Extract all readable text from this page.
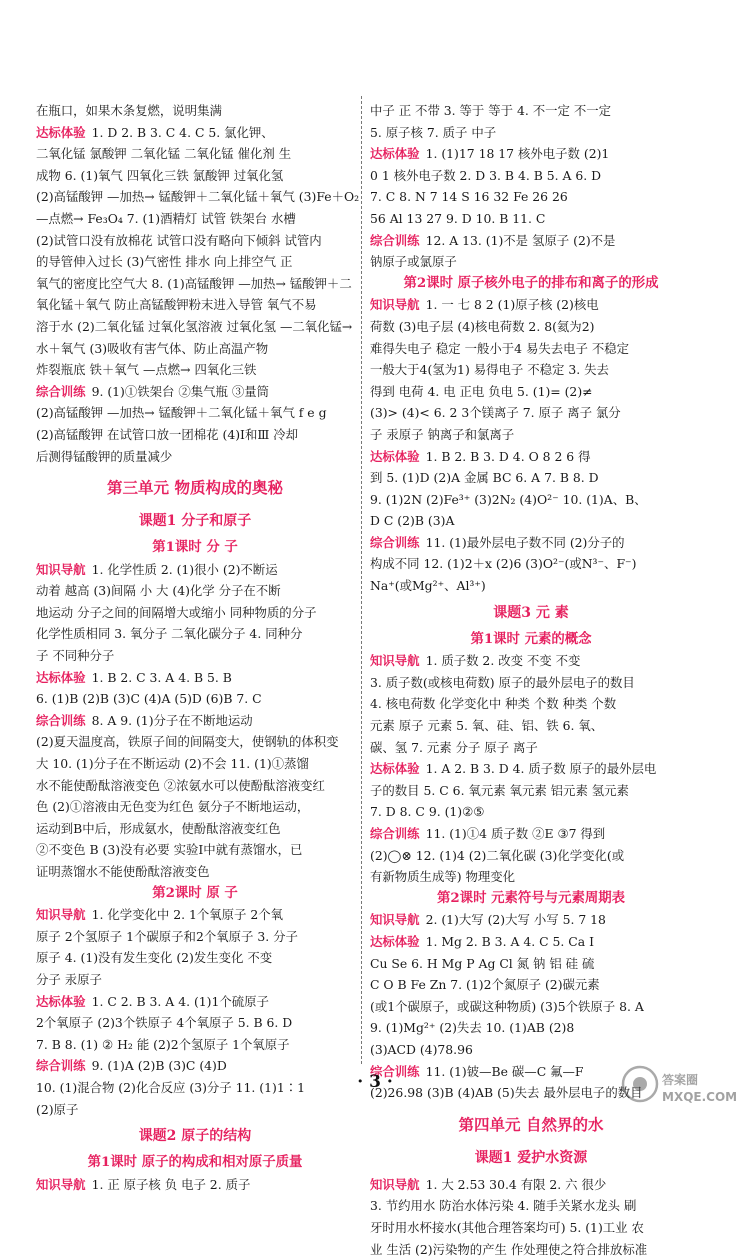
在瓶口，如果木条复燃，说明集满
达标体验 1. D 2. B 3. C 4. C 5. 氯化钾、
二氧化锰 氯酸钾 二氧化锰 二氧化锰 催化剂 生
成物 6. (1)氧气 四氧化三铁 氯酸钾 过氧化氢
(2)高锰酸钾 —加热→ 锰酸钾＋二氧化锰＋氧气 (3)Fe＋O₂
—点燃→ Fe₃O₄ 7. (1)酒精灯 试管 铁架台 水槽
(2)试管口没有放棉花 试管口没有略向下倾斜 试管内
的导管伸入过长 (3)气密性 排水 向上排空气 正
氧气的密度比空气大 8. (1)高锰酸钾 —加热→ 锰酸钾＋二
氧化锰＋氧气 防止高锰酸钾粉末进入导管 氧气不易
溶于水 (2)二氧化锰 过氧化氢溶液 过氧化氢 —二氧化锰→
水＋氧气 (3)吸收有害气体、防止高温产物
炸裂瓶底 铁＋氧气 —点燃→ 四氧化三铁
综合训练 9. (1)①铁架台 ②集气瓶 ③量筒
(2)高锰酸钾 —加热→ 锰酸钾＋二氧化锰＋氧气 f e g
(2)高锰酸钾 在试管口放一团棉花 (4)Ⅰ和Ⅲ 冷却
后测得锰酸钾的质量减少
第三单元 物质构成的奥秘
课题1 分子和原子
第1课时 分 子
知识导航 1. 化学性质 2. (1)很小 (2)不断运
动着 越高 (3)间隔 小 大 (4)化学 分子在不断
地运动 分子之间的间隔增大或缩小 同种物质的分子
化学性质相同 3. 氧分子 二氧化碳分子 4. 同种分
子 不同种分子
达标体验 1. B 2. C 3. A 4. B 5. B
6. (1)B (2)B (3)C (4)A (5)D (6)B 7. C
综合训练 8. A 9. (1)分子在不断地运动
(2)夏天温度高，铁原子间的间隔变大，使钢轨的体积变
大 10. (1)分子在不断运动 (2)不会 11. (1)①蒸馏
水不能使酚酞溶液变色 ②浓氨水可以使酚酞溶液变红
色 (2)①溶液由无色变为红色 氨分子不断地运动，
运动到B中后，形成氨水，使酚酞溶液变红色
②不变色 B (3)没有必要 实验Ⅰ中就有蒸馏水，已
证明蒸馏水不能使酚酞溶液变色
第2课时 原 子
知识导航 1. 化学变化中 2. 1个氧原子 2个氧
原子 2个氢原子 1个碳原子和2个氧原子 3. 分子
原子 4. (1)没有发生变化 (2)发生变化 不变
分子 汞原子
达标体验 1. C 2. B 3. A 4. (1)1个硫原子
2个氧原子 (2)3个铁原子 4个氧原子 5. B 6. D
7. B 8. (1) ② H₂ 能 (2)2个氢原子 1个氧原子
综合训练 9. (1)A (2)B (3)C (4)D
10. (1)混合物 (2)化合反应 (3)分子 11. (1)1∶1
(2)原子
课题2 原子的结构
第1课时 原子的构成和相对原子质量
知识导航 1. 正 原子核 负 电子 2. 质子
中子 正 不带 3. 等于 等于 4. 不一定 不一定
5. 原子核 7. 质子 中子
达标体验 1. (1)17 18 17 核外电子数 (2)1
0 1 核外电子数 2. D 3. B 4. B 5. A 6. D
7. C 8. N 7 14 S 16 32 Fe 26 26
56 Al 13 27 9. D 10. B 11. C
综合训练 12. A 13. (1)不是 氢原子 (2)不是
钠原子或氯原子
第2课时 原子核外电子的排布和离子的形成
知识导航 1. 一 七 8 2 (1)原子核 (2)核电
荷数 (3)电子层 (4)核电荷数 2. 8(氦为2)
难得失电子 稳定 一般小于4 易失去电子 不稳定
一般大于4(氢为1) 易得电子 不稳定 3. 失去
得到 电荷 4. 电 正电 负电 5. (1)= (2)≠
(3)> (4)< 6. 2 3个镁离子 7. 原子 离子 氯分
子 汞原子 钠离子和氯离子
达标体验 1. B 2. B 3. D 4. O 8 2 6 得
到 5. (1)D (2)A 金属 BC 6. A 7. B 8. D
9. (1)2N (2)Fe³⁺ (3)2N₂ (4)O²⁻ 10. (1)A、B、
D C (2)B (3)A
综合训练 11. (1)最外层电子数不同 (2)分子的
构成不同 12. (1)2＋x (2)6 (3)O²⁻(或N³⁻、F⁻)
Na⁺(或Mg²⁺、Al³⁺)
课题3 元 素
第1课时 元素的概念
知识导航 1. 质子数 2. 改变 不变 不变
3. 质子数(或核电荷数) 原子的最外层电子的数目
4. 核电荷数 化学变化中 种类 个数 种类 个数
元素 原子 元素 5. 氧、硅、铝、铁 6. 氧、
碳、氢 7. 元素 分子 原子 离子
达标体验 1. A 2. B 3. D 4. 质子数 原子的最外层电
子的数目 5. C 6. 氧元素 氧元素 铝元素 氢元素
7. D 8. C 9. (1)②⑤
综合训练 11. (1)①4 质子数 ②E ③7 得到
(2)◯⊗ 12. (1)4 (2)二氧化碳 (3)化学变化(或
有新物质生成等) 物理变化
第2课时 元素符号与元素周期表
知识导航 2. (1)大写 (2)大写 小写 5. 7 18
达标体验 1. Mg 2. B 3. A 4. C 5. Ca I
Cu Se 6. H Mg P Ag Cl 氮 钠 铝 硅 硫
C O B Fe Zn 7. (1)2个氮原子 (2)碳元素
(或1个碳原子，或碳这种物质) (3)5个铁原子 8. A
9. (1)Mg²⁺ (2)失去 10. (1)AB (2)8
(3)ACD (4)78.96
综合训练 11. (1)铍—Be 碳—C 氟—F
(2)26.98 (3)B (4)AB (5)失去 最外层电子的数目
第四单元 自然界的水
课题1 爱护水资源
知识导航 1. 大 2.53 30.4 有限 2. 六 很少
3. 节约用水 防治水体污染 4. 随手关紧水龙头 刷
牙时用水杯接水(其他合理答案均可) 5. (1)工业 农
业 生活 (2)污染物的产生 作处理使之符合排放标准
· 3 ·	答案圈
MXQE.COM
